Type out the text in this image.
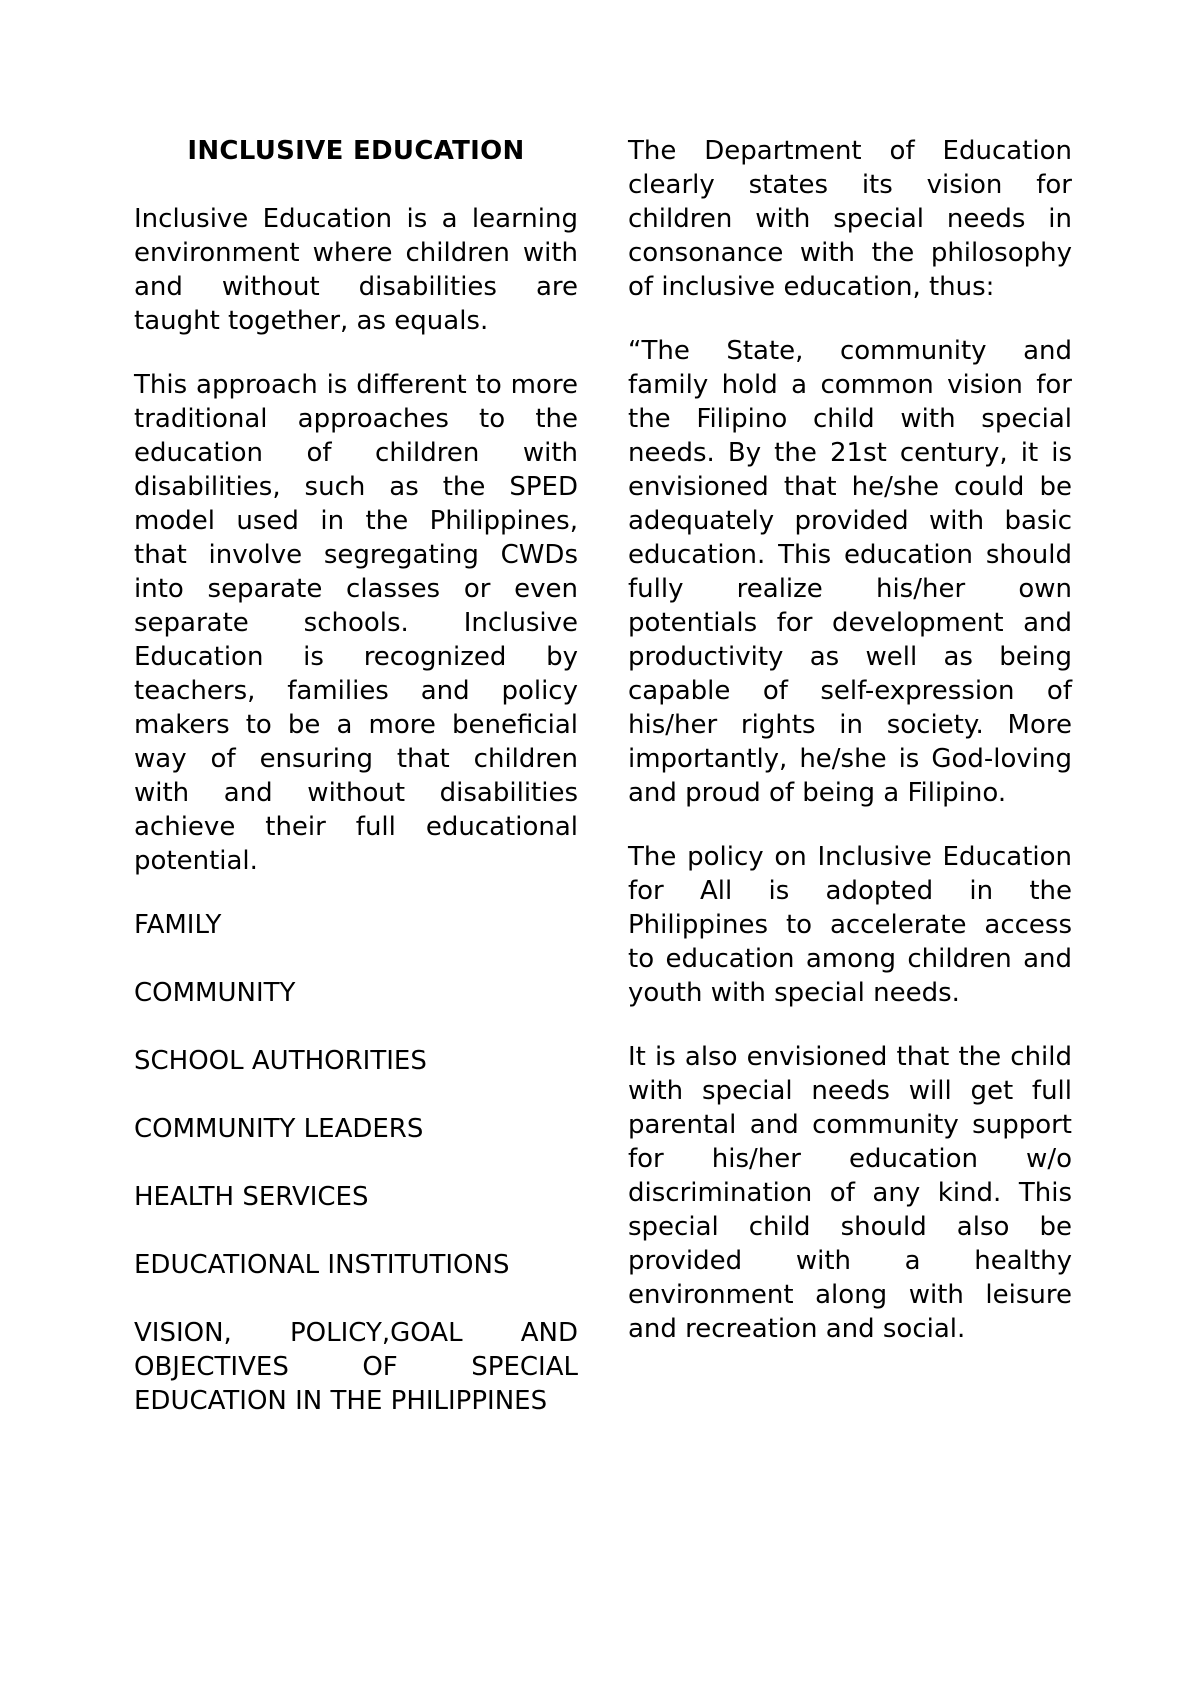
INCLUSIVE EDUCATION

Inclusive Education is a learning environment where children with and without disabilities are taught together, as equals.

This approach is different to more traditional approaches to the education of children with disabilities, such as the SPED model used in the Philippines, that involve segregating CWDs into separate classes or even separate schools. Inclusive Education is recognized by teachers, families and policy makers to be a more beneficial way of ensuring that children with and without disabilities achieve their full educational potential.

FAMILY
COMMUNITY
SCHOOL AUTHORITIES
COMMUNITY LEADERS
HEALTH SERVICES
EDUCATIONAL INSTITUTIONS
VISION, POLICY,GOAL AND OBJECTIVES OF SPECIAL EDUCATION IN THE PHILIPPINES

The Department of Education clearly states its vision for children with special needs in consonance with the philosophy of inclusive education, thus:

“The State, community and family hold a common vision for the Filipino child with special needs. By the 21st century, it is envisioned that he/she could be adequately provided with basic education. This education should fully realize his/her own potentials for development and productivity as well as being capable of self-expression of his/her rights in society. More importantly, he/she is God-loving and proud of being a Filipino.

The policy on Inclusive Education for All is adopted in the Philippines to accelerate access to education among children and youth with special needs.

It is also envisioned that the child with special needs will get full parental and community support for his/her education w/o discrimination of any kind. This special child should also be provided with a healthy environment along with leisure and recreation and social.
